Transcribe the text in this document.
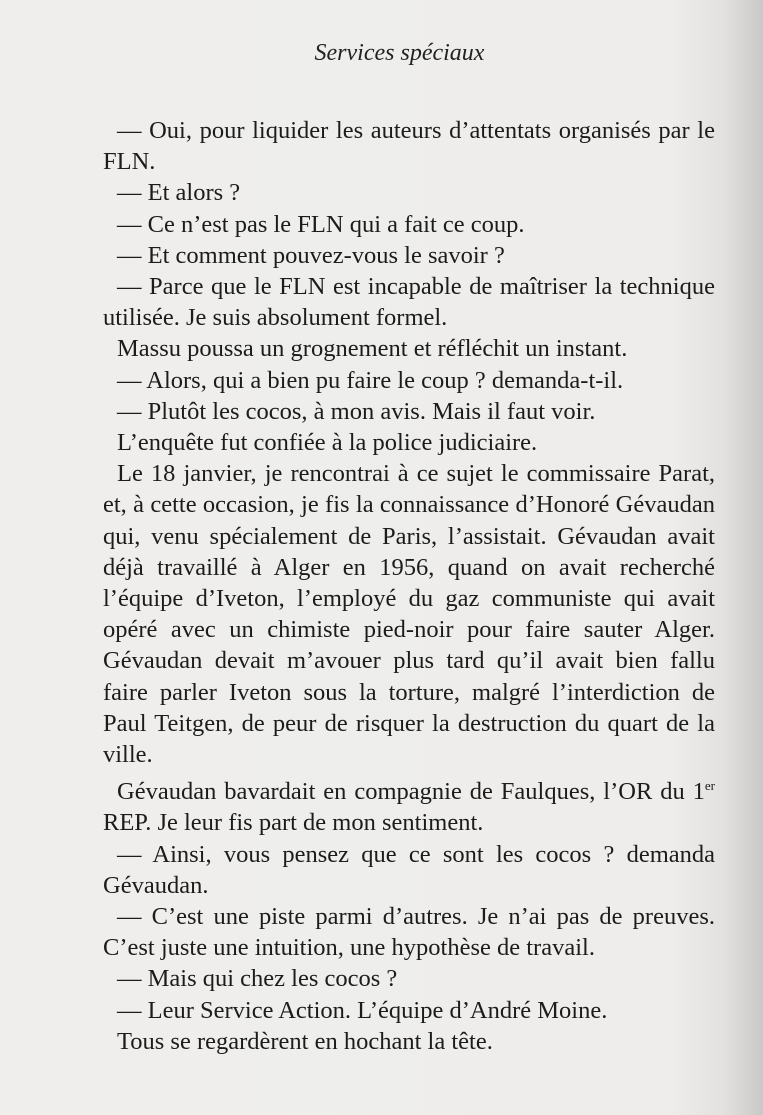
Services spéciaux

— Oui, pour liquider les auteurs d’attentats organisés par le FLN.

— Et alors ?

— Ce n’est pas le FLN qui a fait ce coup.

— Et comment pouvez-vous le savoir ?

— Parce que le FLN est incapable de maîtriser la technique utilisée. Je suis absolument formel.

Massu poussa un grognement et réfléchit un instant.

— Alors, qui a bien pu faire le coup ? demanda-t-il.

— Plutôt les cocos, à mon avis. Mais il faut voir.

L’enquête fut confiée à la police judiciaire.

Le 18 janvier, je rencontrai à ce sujet le commissaire Parat, et, à cette occasion, je fis la connaissance d’Honoré Gévaudan qui, venu spécialement de Paris, l’assistait. Gévaudan avait déjà travaillé à Alger en 1956, quand on avait recherché l’équipe d’Iveton, l’employé du gaz communiste qui avait opéré avec un chimiste pied-noir pour faire sauter Alger. Gévaudan devait m’avouer plus tard qu’il avait bien fallu faire parler Iveton sous la torture, malgré l’interdiction de Paul Teitgen, de peur de risquer la destruction du quart de la ville.

Gévaudan bavardait en compagnie de Faulques, l’OR du 1er REP. Je leur fis part de mon sentiment.

— Ainsi, vous pensez que ce sont les cocos ? demanda Gévaudan.

— C’est une piste parmi d’autres. Je n’ai pas de preuves. C’est juste une intuition, une hypothèse de travail.

— Mais qui chez les cocos ?

— Leur Service Action. L’équipe d’André Moine.

Tous se regardèrent en hochant la tête.
